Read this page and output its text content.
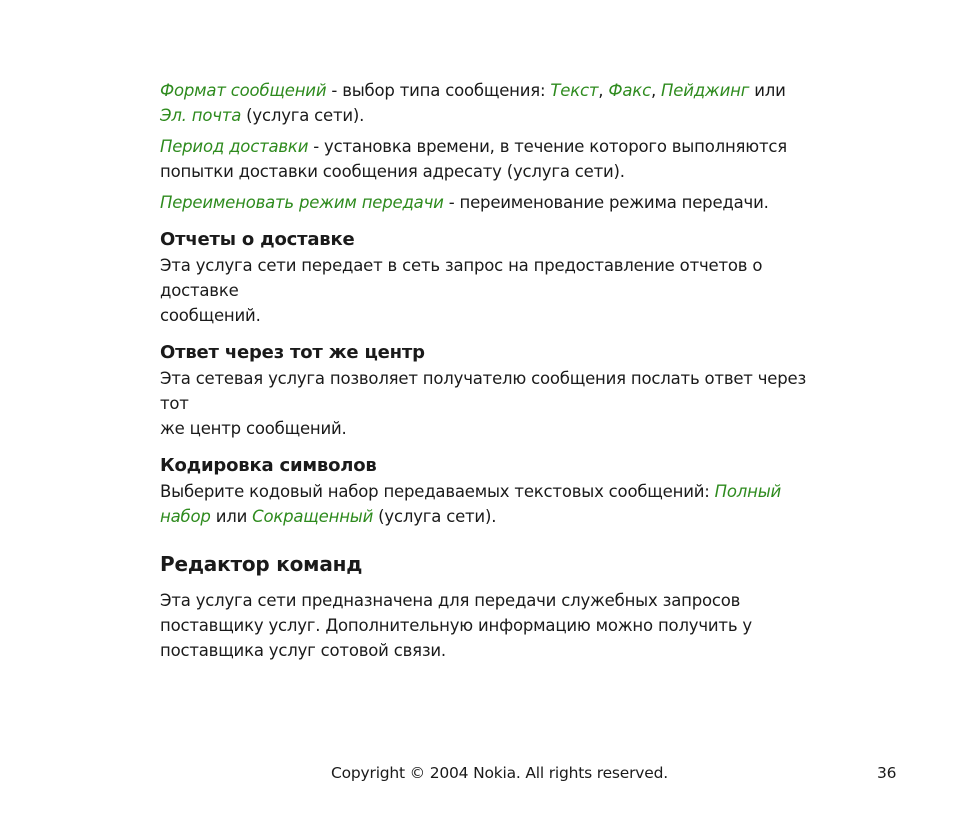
Формат сообщений - выбор типа сообщения: Текст, Факс, Пейджинг или
Эл. почта (услуга сети).

Период доставки - установка времени, в течение которого выполняются
попытки доставки сообщения адресату (услуга сети).

Переименовать режим передачи - переименование режима передачи.

Отчеты о доставке

Эта услуга сети передает в сеть запрос на предоставление отчетов о доставке
сообщений.

Ответ через тот же центр

Эта сетевая услуга позволяет получателю сообщения послать ответ через тот
же центр сообщений.

Кодировка символов

Выберите кодовый набор передаваемых текстовых сообщений: Полный
набор или Сокращенный (услуга сети).

Редактор команд

Эта услуга сети предназначена для передачи служебных запросов
поставщику услуг. Дополнительную информацию можно получить у
поставщика услуг сотовой связи.

Copyright © 2004 Nokia. All rights reserved.	36
